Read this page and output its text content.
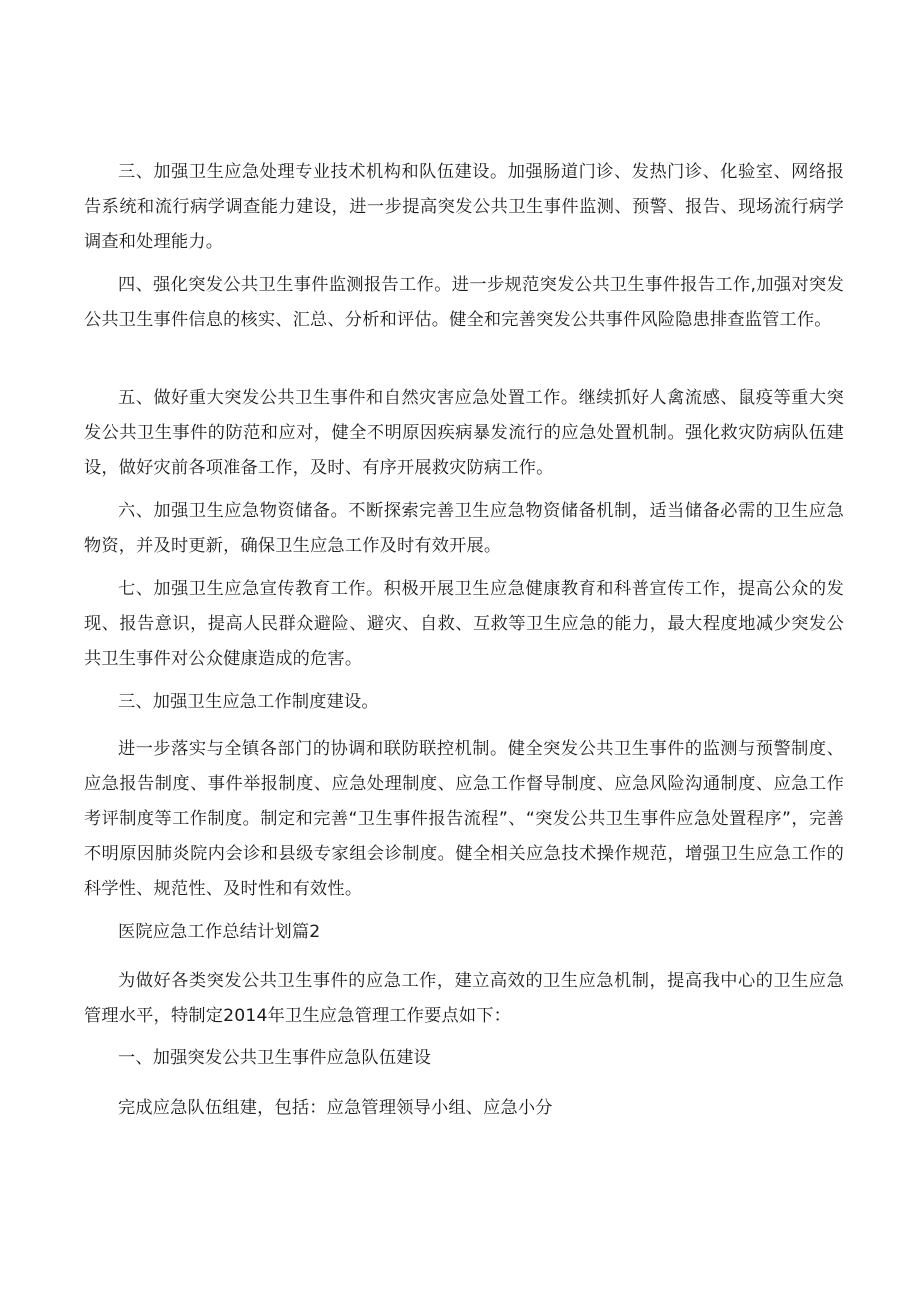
三、加强卫生应急处理专业技术机构和队伍建设。加强肠道门诊、发热门诊、化验室、网络报告系统和流行病学调查能力建设，进一步提高突发公共卫生事件监测、预警、报告、现场流行病学调查和处理能力。

四、强化突发公共卫生事件监测报告工作。进一步规范突发公共卫生事件报告工作,加强对突发公共卫生事件信息的核实、汇总、分析和评估。健全和完善突发公共事件风险隐患排查监管工作。

五、做好重大突发公共卫生事件和自然灾害应急处置工作。继续抓好人禽流感、鼠疫等重大突发公共卫生事件的防范和应对，健全不明原因疾病暴发流行的应急处置机制。强化救灾防病队伍建设，做好灾前各项准备工作，及时、有序开展救灾防病工作。

六、加强卫生应急物资储备。不断探索完善卫生应急物资储备机制，适当储备必需的卫生应急物资，并及时更新，确保卫生应急工作及时有效开展。

七、加强卫生应急宣传教育工作。积极开展卫生应急健康教育和科普宣传工作，提高公众的发现、报告意识，提高人民群众避险、避灾、自救、互救等卫生应急的能力，最大程度地减少突发公共卫生事件对公众健康造成的危害。

三、加强卫生应急工作制度建设。

进一步落实与全镇各部门的协调和联防联控机制。健全突发公共卫生事件的监测与预警制度、应急报告制度、事件举报制度、应急处理制度、应急工作督导制度、应急风险沟通制度、应急工作考评制度等工作制度。制定和完善“卫生事件报告流程”、“突发公共卫生事件应急处置程序”，完善不明原因肺炎院内会诊和县级专家组会诊制度。健全相关应急技术操作规范，增强卫生应急工作的科学性、规范性、及时性和有效性。

医院应急工作总结计划篇2

为做好各类突发公共卫生事件的应急工作，建立高效的卫生应急机制，提高我中心的卫生应急管理水平，特制定2014年卫生应急管理工作要点如下：

一、加强突发公共卫生事件应急队伍建设

完成应急队伍组建，包括：应急管理领导小组、应急小分
